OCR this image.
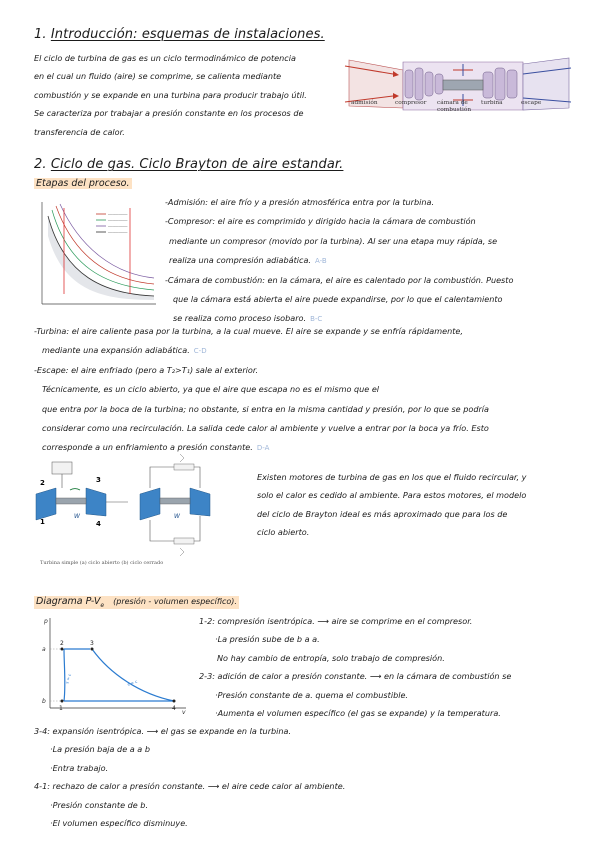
1. Introducción: esquemas de instalaciones.
El ciclo de turbina de gas es un ciclo termodinámico de potencia
en el cual un fluido (aire) se comprime, se calienta mediante
combustión y se expande en una turbina para producir trabajo útil.
Se caracteriza por trabajar a presión constante en los procesos de
transferencia de calor.
admisión	compresor cámara de combustión
turbina	escape
2. Ciclo de gas. Ciclo Brayton de aire estandar.
Etapas del proceso.
─────────
─────────
─────────
─────────
-Admisión: el aire frío y a presión atmosférica entra por la turbina.
-Compresor: el aire es comprimido y dirigido hacia la cámara de combustión
mediante un compresor (movido por la turbina). Al ser una etapa muy rápida, se
realiza una compresión adiabática. A-B
-Cámara de combustión: en la cámara, el aire es calentado por la combustión. Puesto
que la cámara está abierta el aire puede expandirse, por lo que el calentamiento
se realiza como proceso isobaro. B-C
-Turbina: el aire caliente pasa por la turbina, a la cual mueve. El aire se expande y se enfría rápidamente,
mediante una expansión adiabática. C-D
-Escape: el aire enfriado (pero a T₂>T₁) sale al exterior.
Técnicamente, es un ciclo abierto, ya que el aire que escapa no es el mismo que el
que entra por la boca de la turbina; no obstante, si entra en la misma cantidad y presión, por lo que se podría
considerar como una recirculación. La salida cede calor al ambiente y vuelve a entrar por la boca ya frío. Esto
corresponde a un enfriamiento a presión constante. D-A
2	3
1	4
W	W
Turbina simple (a) ciclo abierto (b) ciclo cerrado
Existen motores de turbina de gas en los que el fluido recircular, y
solo el calor es cedido al ambiente. Para estos motores, el modelo
del ciclo de Brayton ideal es más aproximado que para los de
ciclo abierto.
Diagrama $P-V_e$ (presión - volumen específico).
p
v
a
b
2	3
4
1
s = c
s = c
1-2: compresión isentrópica. ⟶ aire se comprime en el compresor.
·La presión sube de b a a.
No hay cambio de entropía, solo trabajo de compresión.
2-3: adición de calor a presión constante. ⟶ en la cámara de combustión se
·Presión constante de a. quema el combustible.
·Aumenta el volumen específico (el gas se expande) y la temperatura.
3-4: expansión isentrópica. ⟶ el gas se expande en la turbina.
·La presión baja de a a b
·Entra trabajo.
4-1: rechazo de calor a presión constante. ⟶ el aire cede calor al ambiente.
·Presión constante de b.
·El volumen específico disminuye.
